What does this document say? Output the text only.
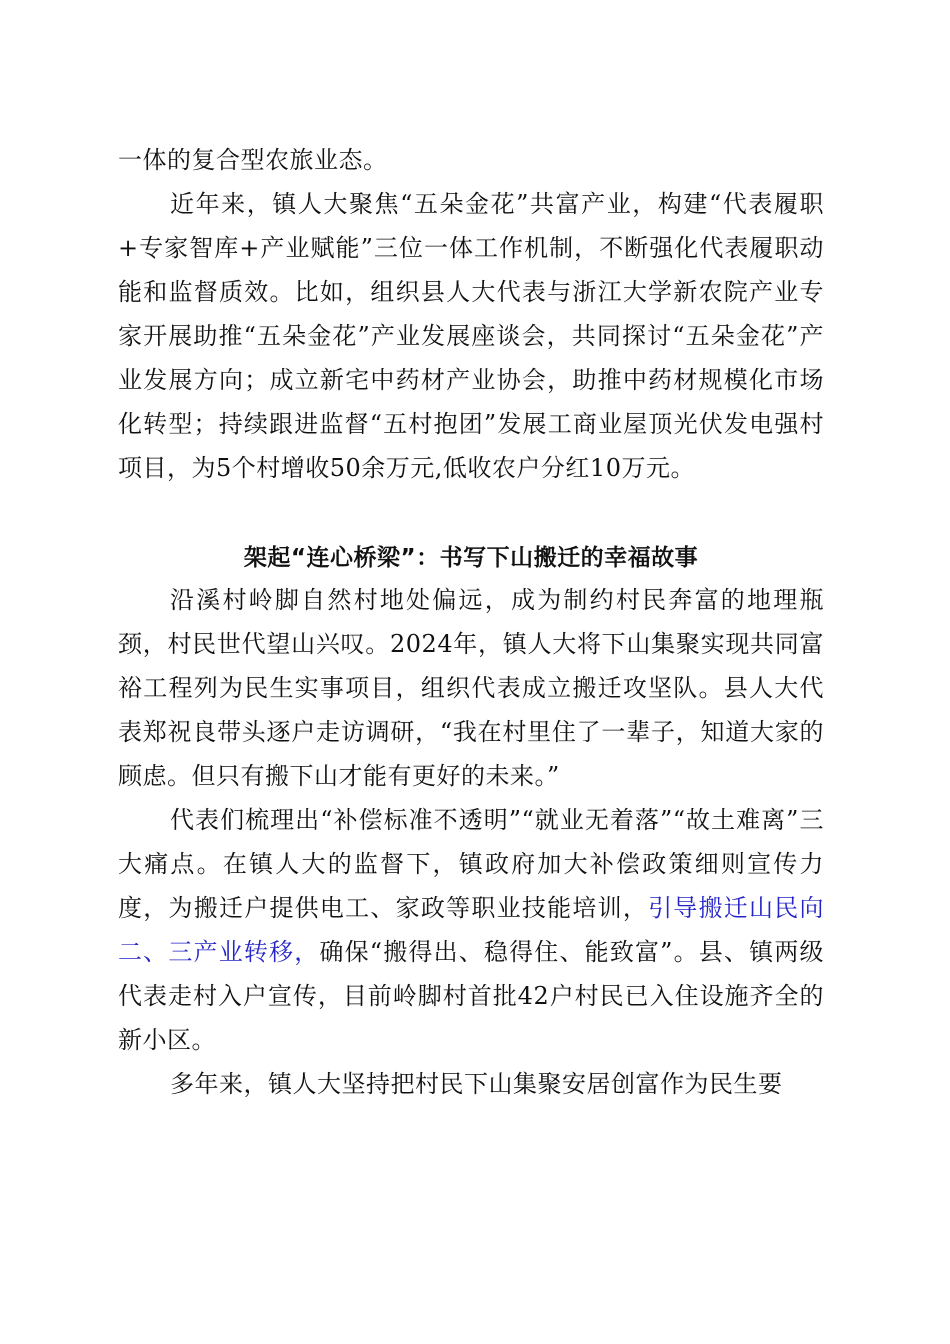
一体的复合型农旅业态。

近年来，镇人大聚焦“五朵金花”共富产业，构建“代表履职+专家智库+产业赋能”三位一体工作机制，不断强化代表履职动能和监督质效。比如，组织县人大代表与浙江大学新农院产业专家开展助推“五朵金花”产业发展座谈会，共同探讨“五朵金花”产业发展方向；成立新宅中药材产业协会，助推中药材规模化市场化转型；持续跟进监督“五村抱团”发展工商业屋顶光伏发电强村项目，为5个村增收50余万元,低收农户分红10万元。

架起“连心桥梁”：书写下山搬迁的幸福故事

沿溪村岭脚自然村地处偏远，成为制约村民奔富的地理瓶颈，村民世代望山兴叹。2024年，镇人大将下山集聚实现共同富裕工程列为民生实事项目，组织代表成立搬迁攻坚队。县人大代表郑祝良带头逐户走访调研，“我在村里住了一辈子，知道大家的顾虑。但只有搬下山才能有更好的未来。”

代表们梳理出“补偿标准不透明”“就业无着落”“故土难离”三大痛点。在镇人大的监督下，镇政府加大补偿政策细则宣传力度，为搬迁户提供电工、家政等职业技能培训，引导搬迁山民向二、三产业转移，确保“搬得出、稳得住、能致富”。县、镇两级代表走村入户宣传，目前岭脚村首批42户村民已入住设施齐全的新小区。

多年来，镇人大坚持把村民下山集聚安居创富作为民生要
